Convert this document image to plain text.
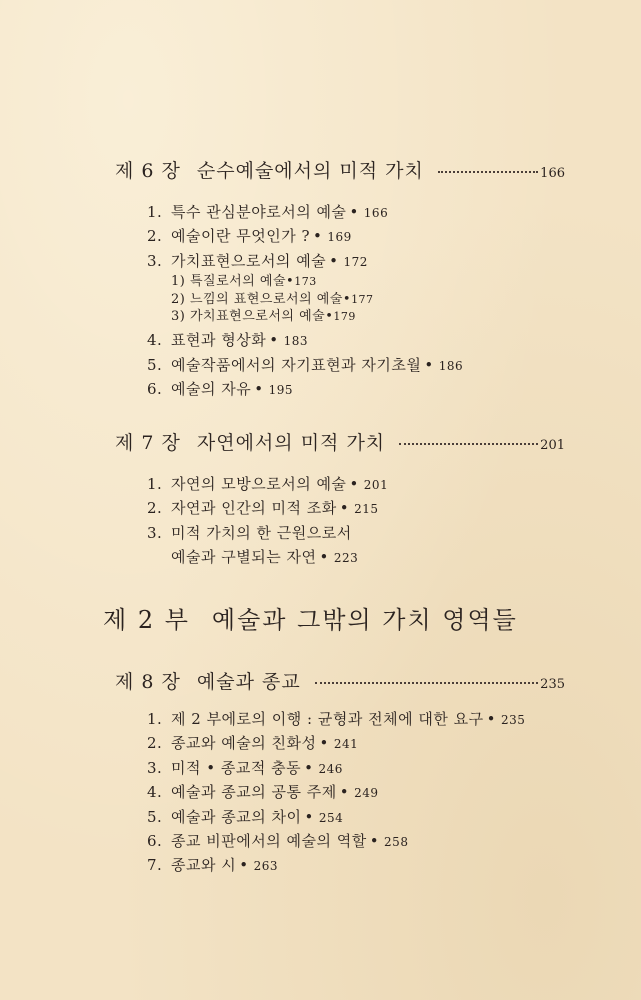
제 6 장 순수예술에서의 미적 가치	166
1. 특수 관심분야로서의 예술 • 166
2. 예술이란 무엇인가 ? • 169
3. 가치표현으로서의 예술 • 172
1) 특질로서의 예술•173
2) 느낌의 표현으로서의 예술•177
3) 가치표현으로서의 예술•179
4. 표현과 형상화 • 183
5. 예술작품에서의 자기표현과 자기초월 • 186
6. 예술의 자유 • 195
제 7 장 자연에서의 미적 가치	201
1. 자연의 모방으로서의 예술 • 201
2. 자연과 인간의 미적 조화 • 215
3. 미적 가치의 한 근원으로서
예술과 구별되는 자연 • 223
제 2 부 예술과 그밖의 가치 영역들
제 8 장 예술과 종교	235
1. 제 2 부에로의 이행 : 균형과 전체에 대한 요구 • 235
2. 종교와 예술의 친화성 • 241
3. 미적 • 종교적 충동 • 246
4. 예술과 종교의 공통 주제 • 249
5. 예술과 종교의 차이 • 254
6. 종교 비판에서의 예술의 역할 • 258
7. 종교와 시 • 263
